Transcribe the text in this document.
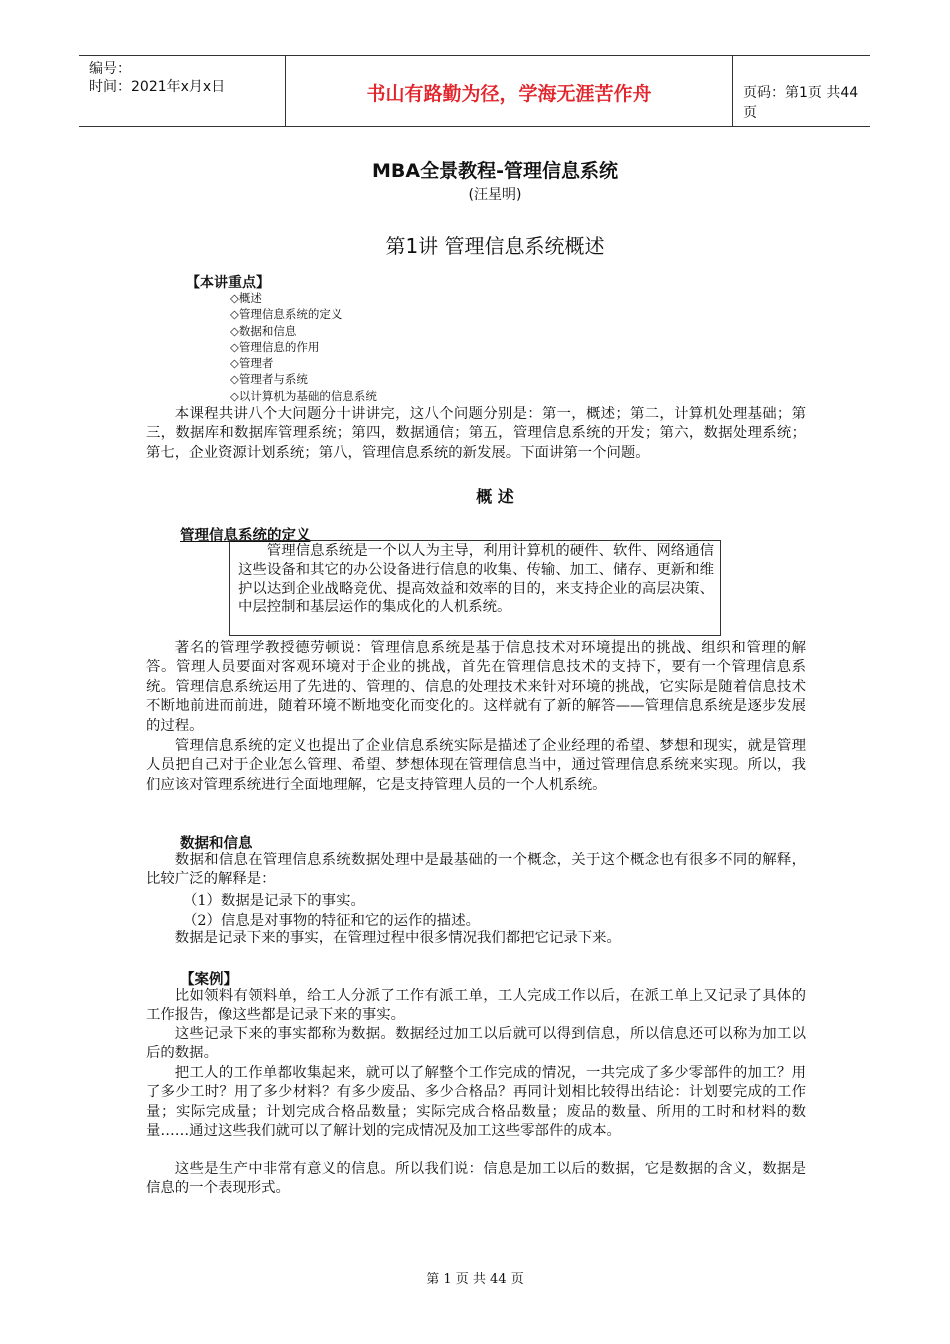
编号：
时间：2021年x月x日	书山有路勤为径，学海无涯苦作舟	页码：第1页 共44页
MBA全景教程-管理信息系统
(汪星明)
第1讲 管理信息系统概述
【本讲重点】
◇概述
◇管理信息系统的定义
◇数据和信息
◇管理信息的作用
◇管理者
◇管理者与系统
◇以计算机为基础的信息系统

本课程共讲八个大问题分十讲讲完，这八个问题分别是：第一，概述；第二，计算机处理基础；第三，数据库和数据库管理系统；第四，数据通信；第五，管理信息系统的开发；第六，数据处理系统；第七，企业资源计划系统；第八，管理信息系统的新发展。下面讲第一个问题。

概 述
管理信息系统的定义

管理信息系统是一个以人为主导，利用计算机的硬件、软件、网络通信这些设备和其它的办公设备进行信息的收集、传输、加工、储存、更新和维护以达到企业战略竞优、提高效益和效率的目的，来支持企业的高层决策、中层控制和基层运作的集成化的人机系统。

著名的管理学教授德劳顿说：管理信息系统是基于信息技术对环境提出的挑战、组织和管理的解答。管理人员要面对客观环境对于企业的挑战，首先在管理信息技术的支持下，要有一个管理信息系统。管理信息系统运用了先进的、管理的、信息的处理技术来针对环境的挑战，它实际是随着信息技术不断地前进而前进，随着环境不断地变化而变化的。这样就有了新的解答——管理信息系统是逐步发展的过程。

管理信息系统的定义也提出了企业信息系统实际是描述了企业经理的希望、梦想和现实，就是管理人员把自己对于企业怎么管理、希望、梦想体现在管理信息当中，通过管理信息系统来实现。所以，我们应该对管理系统进行全面地理解，它是支持管理人员的一个人机系统。

数据和信息

数据和信息在管理信息系统数据处理中是最基础的一个概念，关于这个概念也有很多不同的解释，比较广泛的解释是：

（1）数据是记录下的事实。
（2）信息是对事物的特征和它的运作的描述。

数据是记录下来的事实，在管理过程中很多情况我们都把它记录下来。

【案例】

比如领料有领料单，给工人分派了工作有派工单，工人完成工作以后，在派工单上又记录了具体的工作报告，像这些都是记录下来的事实。

这些记录下来的事实都称为数据。数据经过加工以后就可以得到信息，所以信息还可以称为加工以后的数据。

把工人的工作单都收集起来，就可以了解整个工作完成的情况，一共完成了多少零部件的加工？用了多少工时？用了多少材料？有多少废品、多少合格品？再同计划相比较得出结论：计划要完成的工作量；实际完成量；计划完成合格品数量；实际完成合格品数量；废品的数量、所用的工时和材料的数量……通过这些我们就可以了解计划的完成情况及加工这些零部件的成本。

这些是生产中非常有意义的信息。所以我们说：信息是加工以后的数据，它是数据的含义，数据是信息的一个表现形式。

第 1 页 共 44 页
